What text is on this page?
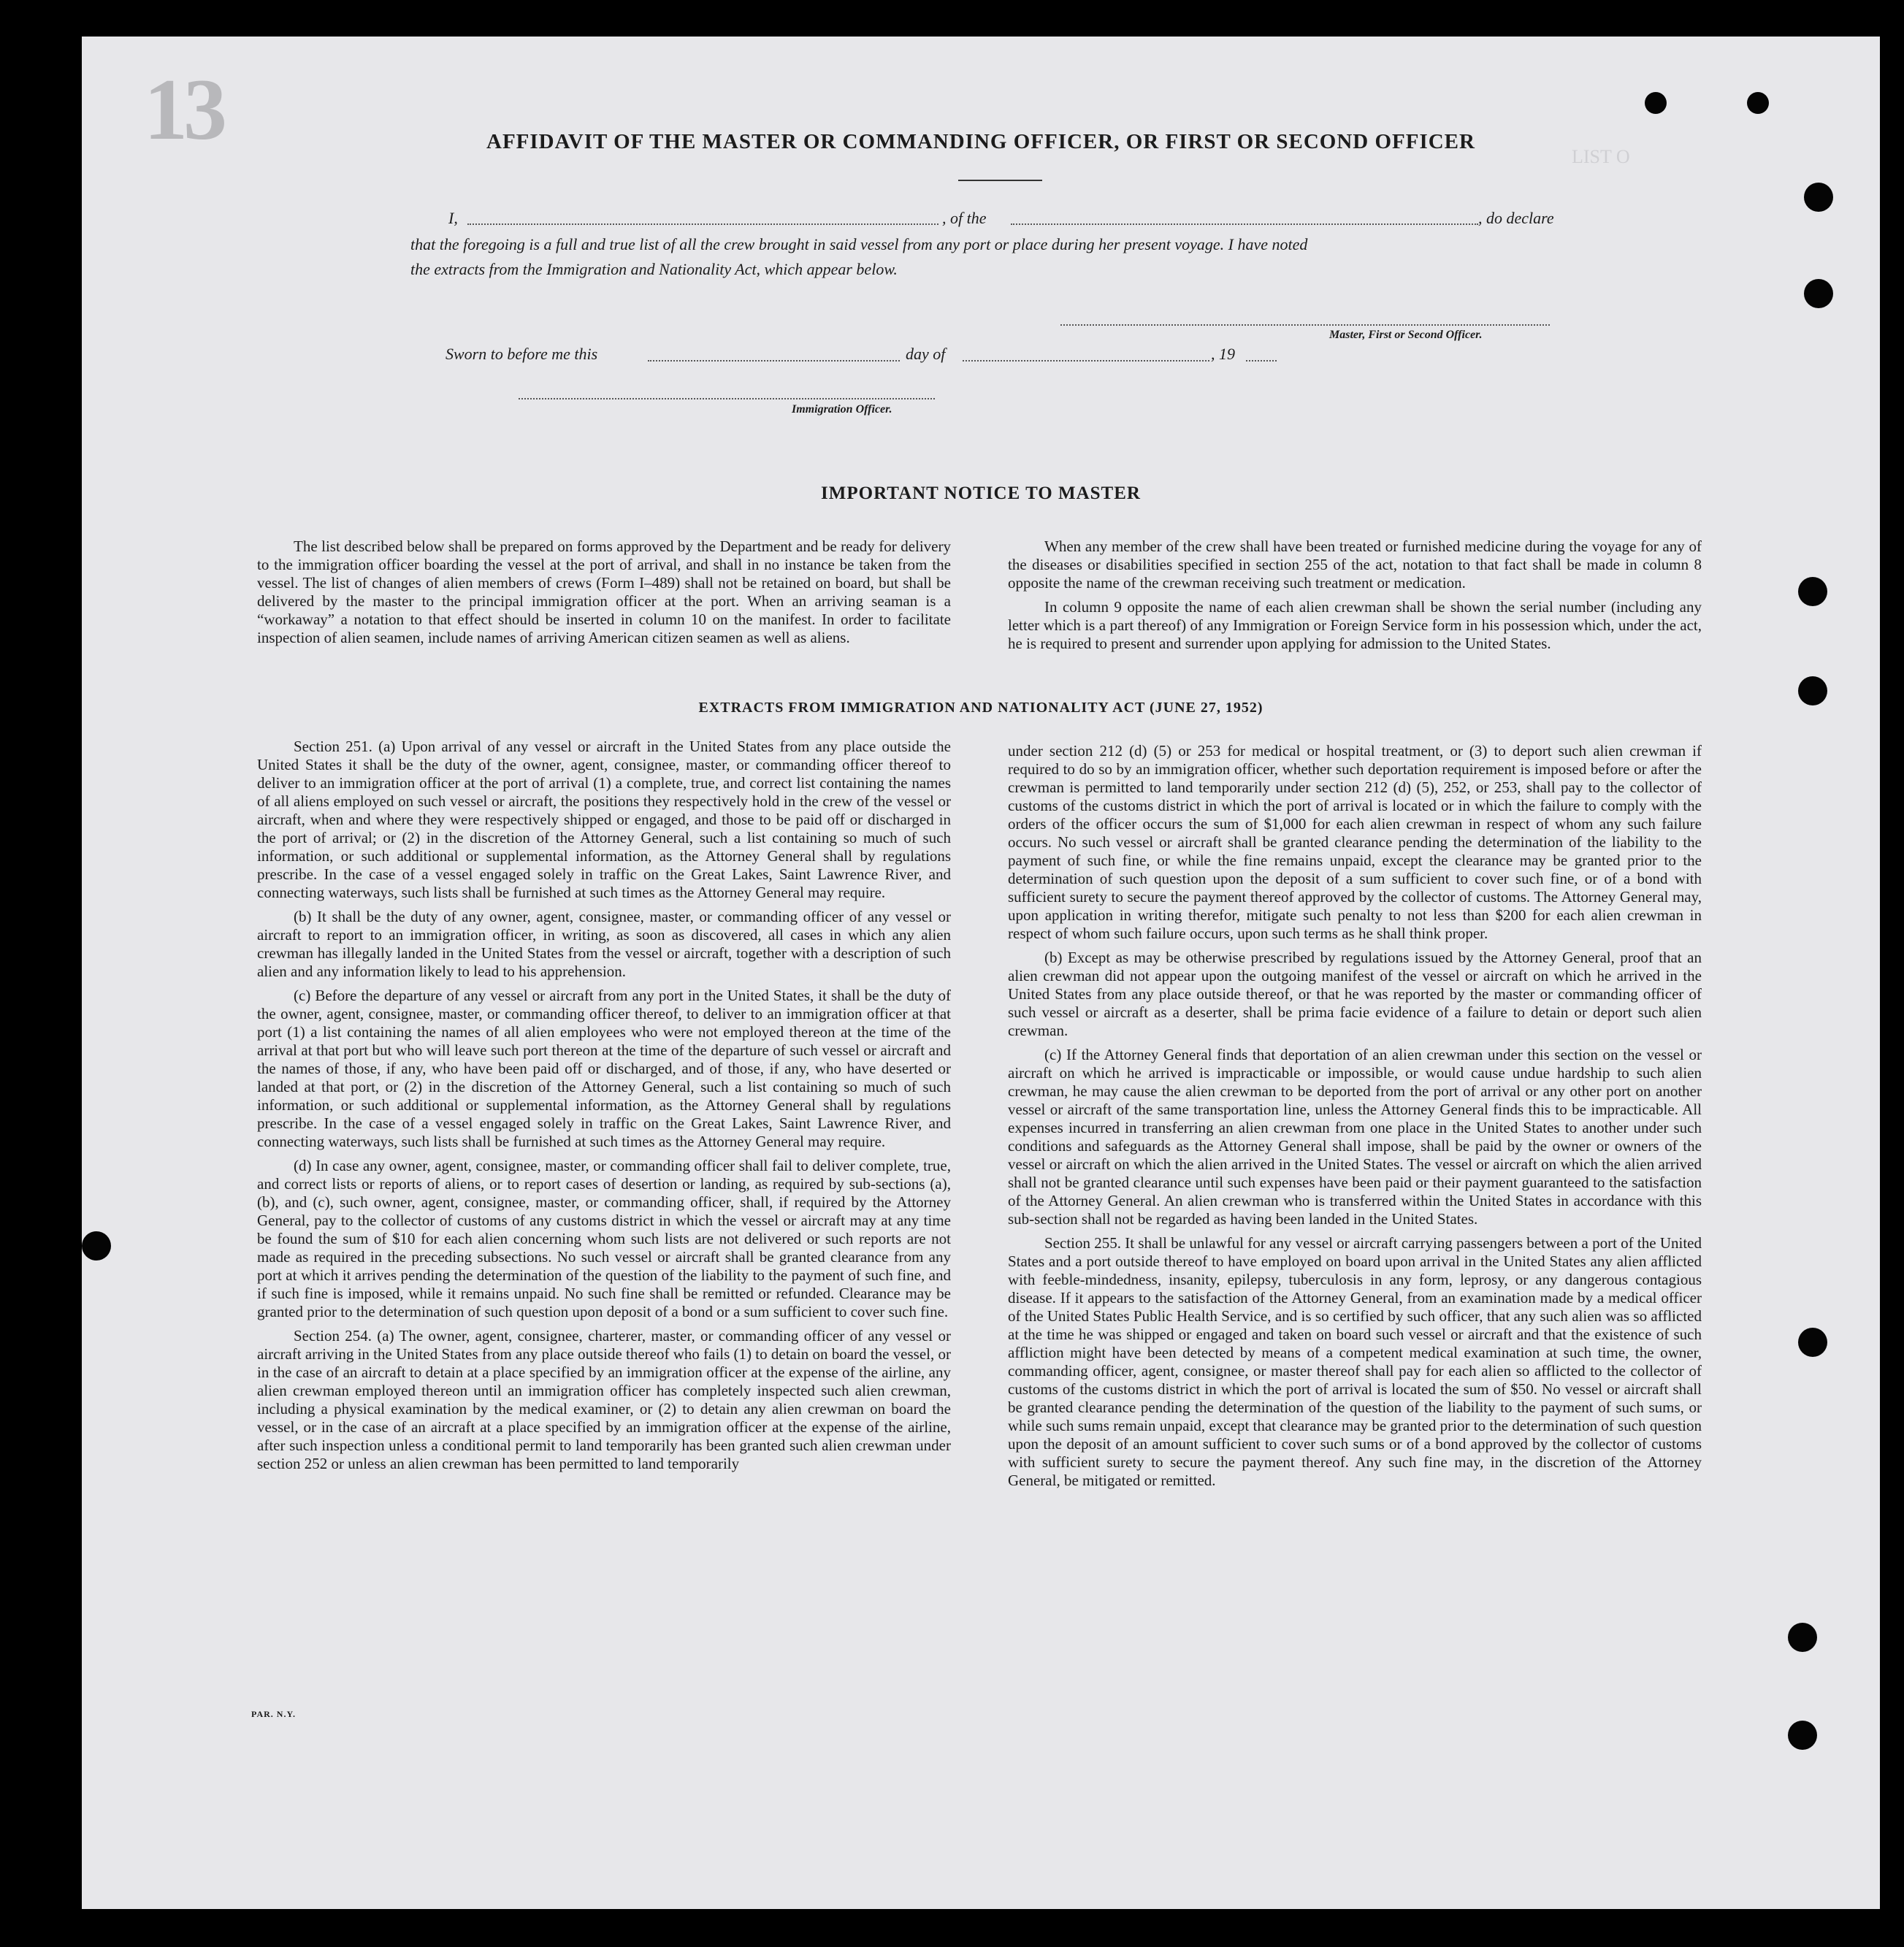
13	LIST O
AFFIDAVIT OF THE MASTER OR COMMANDING OFFICER, OR FIRST OR SECOND OFFICER
I,	, of the	, do declare
that the foregoing is a full and true list of all the crew brought in said vessel from any port or place during her present voyage. I have noted
the extracts from the Immigration and Nationality Act, which appear below.
Master, First or Second Officer.
Sworn to before me this	day of	, 19
Immigration Officer.
IMPORTANT NOTICE TO MASTER

The list described below shall be prepared on forms approved by the Department and be ready for delivery to the immigration officer boarding the vessel at the port of arrival, and shall in no instance be taken from the vessel. The list of changes of alien members of crews (Form I–489) shall not be retained on board, but shall be delivered by the master to the principal immigration officer at the port. When an arriving seaman is a “workaway” a notation to that effect should be inserted in column 10 on the manifest. In order to facilitate inspection of alien seamen, include names of arriving American citizen seamen as well as aliens.

When any member of the crew shall have been treated or furnished medicine during the voyage for any of the diseases or disabilities specified in section 255 of the act, notation to that fact shall be made in column 8 opposite the name of the crewman receiving such treatment or medication.

In column 9 opposite the name of each alien crewman shall be shown the serial number (including any letter which is a part thereof) of any Immigration or Foreign Service form in his possession which, under the act, he is required to present and surrender upon applying for admission to the United States.

EXTRACTS FROM IMMIGRATION AND NATIONALITY ACT (JUNE 27, 1952)

Section 251. (a) Upon arrival of any vessel or aircraft in the United States from any place outside the United States it shall be the duty of the owner, agent, consignee, master, or commanding officer thereof to deliver to an immigration officer at the port of arrival (1) a complete, true, and correct list containing the names of all aliens employed on such vessel or aircraft, the positions they respectively hold in the crew of the vessel or aircraft, when and where they were respectively shipped or engaged, and those to be paid off or discharged in the port of arrival; or (2) in the discretion of the Attorney General, such a list containing so much of such information, or such additional or supplemental information, as the Attorney General shall by regulations prescribe. In the case of a vessel engaged solely in traffic on the Great Lakes, Saint Lawrence River, and connecting waterways, such lists shall be furnished at such times as the Attorney General may require.

(b) It shall be the duty of any owner, agent, consignee, master, or commanding officer of any vessel or aircraft to report to an immigration officer, in writing, as soon as discovered, all cases in which any alien crewman has illegally landed in the United States from the vessel or aircraft, together with a description of such alien and any information likely to lead to his apprehension.

(c) Before the departure of any vessel or aircraft from any port in the United States, it shall be the duty of the owner, agent, consignee, master, or commanding officer thereof, to deliver to an immigration officer at that port (1) a list containing the names of all alien employees who were not employed thereon at the time of the arrival at that port but who will leave such port thereon at the time of the departure of such vessel or aircraft and the names of those, if any, who have been paid off or discharged, and of those, if any, who have deserted or landed at that port, or (2) in the discretion of the Attorney General, such a list containing so much of such information, or such additional or supplemental information, as the Attorney General shall by regulations prescribe. In the case of a vessel engaged solely in traffic on the Great Lakes, Saint Lawrence River, and connecting waterways, such lists shall be furnished at such times as the Attorney General may require.

(d) In case any owner, agent, consignee, master, or commanding officer shall fail to deliver complete, true, and correct lists or reports of aliens, or to report cases of desertion or landing, as required by sub-sections (a), (b), and (c), such owner, agent, consignee, master, or commanding officer, shall, if required by the Attorney General, pay to the collector of customs of any customs district in which the vessel or aircraft may at any time be found the sum of $10 for each alien concerning whom such lists are not delivered or such reports are not made as required in the preceding subsections. No such vessel or aircraft shall be granted clearance from any port at which it arrives pending the determination of the question of the liability to the payment of such fine, and if such fine is imposed, while it remains unpaid. No such fine shall be remitted or refunded. Clearance may be granted prior to the determination of such question upon deposit of a bond or a sum sufficient to cover such fine.

Section 254. (a) The owner, agent, consignee, charterer, master, or commanding officer of any vessel or aircraft arriving in the United States from any place outside thereof who fails (1) to detain on board the vessel, or in the case of an aircraft to detain at a place specified by an immigration officer at the expense of the airline, any alien crewman employed thereon until an immigration officer has completely inspected such alien crewman, including a physical examination by the medical examiner, or (2) to detain any alien crewman on board the vessel, or in the case of an aircraft at a place specified by an immigration officer at the expense of the airline, after such inspection unless a conditional permit to land temporarily has been granted such alien crewman under section 252 or unless an alien crewman has been permitted to land temporarily

under section 212 (d) (5) or 253 for medical or hospital treatment, or (3) to deport such alien crewman if required to do so by an immigration officer, whether such deportation requirement is imposed before or after the crewman is permitted to land temporarily under section 212 (d) (5), 252, or 253, shall pay to the collector of customs of the customs district in which the port of arrival is located or in which the failure to comply with the orders of the officer occurs the sum of $1,000 for each alien crewman in respect of whom any such failure occurs. No such vessel or aircraft shall be granted clearance pending the determination of the liability to the payment of such fine, or while the fine remains unpaid, except the clearance may be granted prior to the determination of such question upon the deposit of a sum sufficient to cover such fine, or of a bond with sufficient surety to secure the payment thereof approved by the collector of customs. The Attorney General may, upon application in writing therefor, mitigate such penalty to not less than $200 for each alien crewman in respect of whom such failure occurs, upon such terms as he shall think proper.

(b) Except as may be otherwise prescribed by regulations issued by the Attorney General, proof that an alien crewman did not appear upon the outgoing manifest of the vessel or aircraft on which he arrived in the United States from any place outside thereof, or that he was reported by the master or commanding officer of such vessel or aircraft as a deserter, shall be prima facie evidence of a failure to detain or deport such alien crewman.

(c) If the Attorney General finds that deportation of an alien crewman under this section on the vessel or aircraft on which he arrived is impracticable or impossible, or would cause undue hardship to such alien crewman, he may cause the alien crewman to be deported from the port of arrival or any other port on another vessel or aircraft of the same transportation line, unless the Attorney General finds this to be impracticable. All expenses incurred in transferring an alien crewman from one place in the United States to another under such conditions and safeguards as the Attorney General shall impose, shall be paid by the owner or owners of the vessel or aircraft on which the alien arrived in the United States. The vessel or aircraft on which the alien arrived shall not be granted clearance until such expenses have been paid or their payment guaranteed to the satisfaction of the Attorney General. An alien crewman who is transferred within the United States in accordance with this sub-section shall not be regarded as having been landed in the United States.

Section 255. It shall be unlawful for any vessel or aircraft carrying passengers between a port of the United States and a port outside thereof to have employed on board upon arrival in the United States any alien afflicted with feeble-mindedness, insanity, epilepsy, tuberculosis in any form, leprosy, or any dangerous contagious disease. If it appears to the satisfaction of the Attorney General, from an examination made by a medical officer of the United States Public Health Service, and is so certified by such officer, that any such alien was so afflicted at the time he was shipped or engaged and taken on board such vessel or aircraft and that the existence of such affliction might have been detected by means of a competent medical examination at such time, the owner, commanding officer, agent, consignee, or master thereof shall pay for each alien so afflicted to the collector of customs of the customs district in which the port of arrival is located the sum of $50. No vessel or aircraft shall be granted clearance pending the determination of the question of the liability to the payment of such sums, or while such sums remain unpaid, except that clearance may be granted prior to the determination of such question upon the deposit of an amount sufficient to cover such sums or of a bond approved by the collector of customs with sufficient surety to secure the payment thereof. Any such fine may, in the discretion of the Attorney General, be mitigated or remitted.

PAR. N.Y.
